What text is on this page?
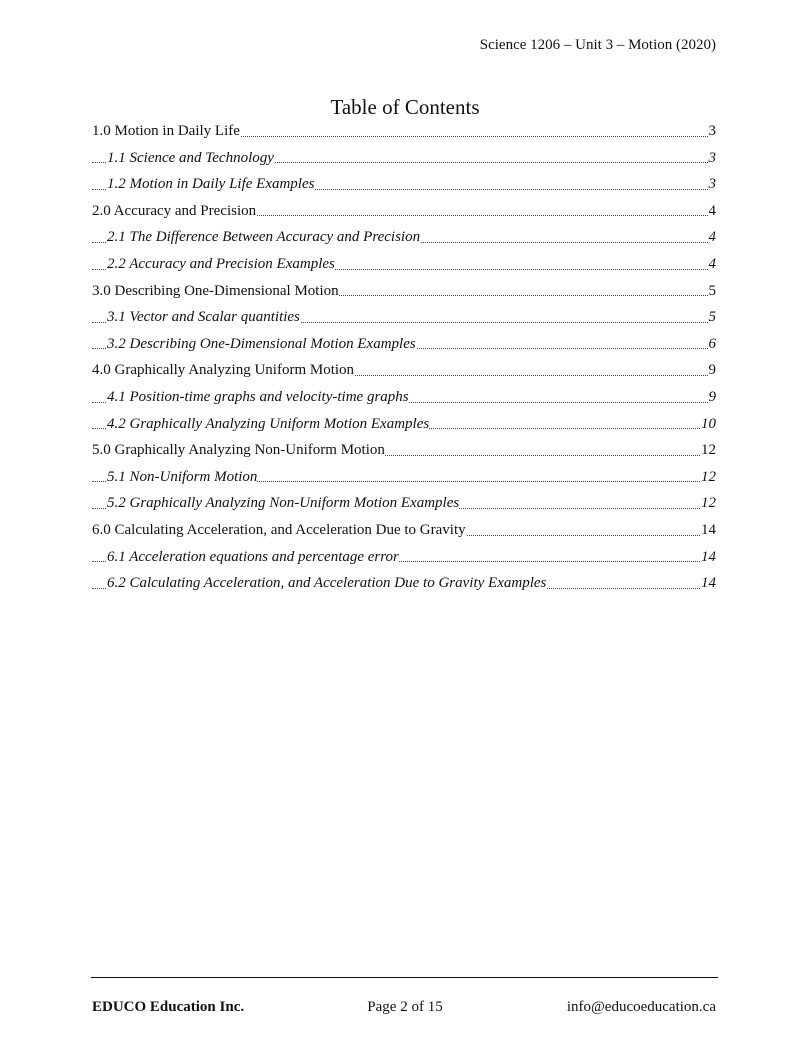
Science 1206 – Unit 3 – Motion (2020)
Table of Contents
1.0 Motion in Daily Life	3
1.1 Science and Technology	3
1.2 Motion in Daily Life Examples	3
2.0 Accuracy and Precision	4
2.1 The Difference Between Accuracy and Precision	4
2.2 Accuracy and Precision Examples	4
3.0 Describing One-Dimensional Motion	5
3.1 Vector and Scalar quantities	5
3.2 Describing One-Dimensional Motion Examples	6
4.0 Graphically Analyzing Uniform Motion	9
4.1 Position-time graphs and velocity-time graphs	9
4.2 Graphically Analyzing Uniform Motion Examples	10
5.0 Graphically Analyzing Non-Uniform Motion	12
5.1 Non-Uniform Motion	12
5.2 Graphically Analyzing Non-Uniform Motion Examples	12
6.0 Calculating Acceleration, and Acceleration Due to Gravity	14
6.1 Acceleration equations and percentage error	14
6.2 Calculating Acceleration, and Acceleration Due to Gravity Examples	14
EDUCO Education Inc.	Page 2 of 15	info@educoeducation.ca
